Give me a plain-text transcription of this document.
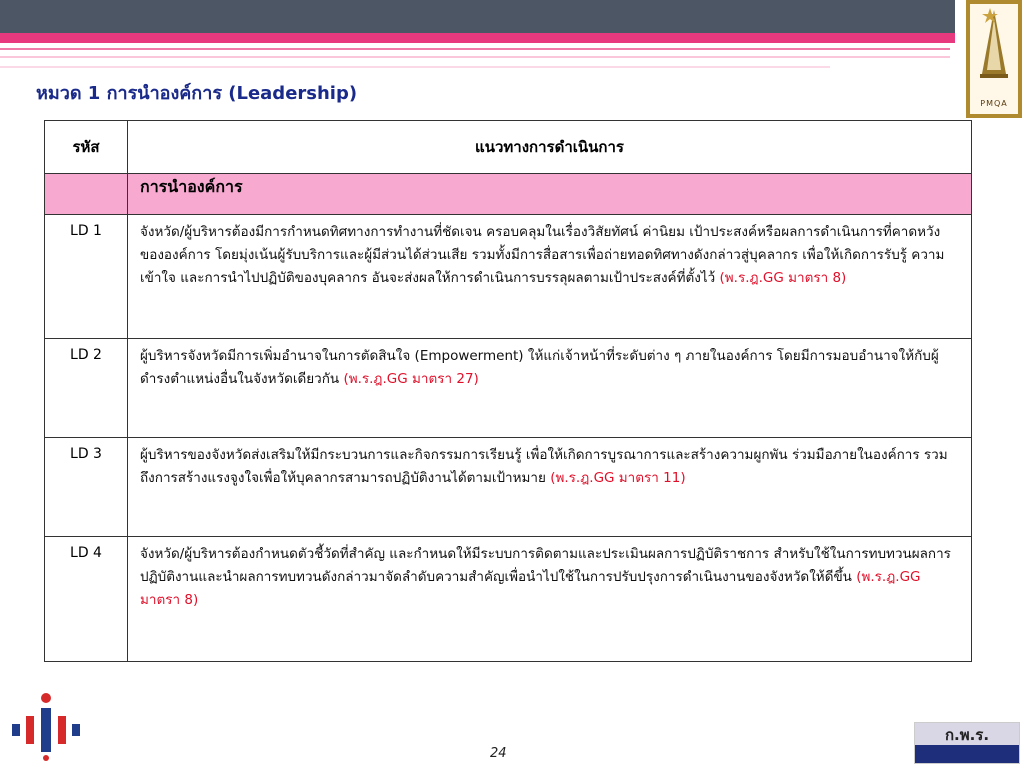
PMQA
หมวด 1 การนำองค์การ (Leadership)
รหัส	แนวทางการดำเนินการ
	การนำองค์การ
LD 1	จังหวัด/ผู้บริหารต้องมีการกำหนดทิศทางการทำงานที่ชัดเจน ครอบคลุมในเรื่องวิสัยทัศน์ ค่านิยม เป้าประสงค์หรือผลการดำเนินการที่คาดหวังขององค์การ โดยมุ่งเน้นผู้รับบริการและผู้มีส่วนได้ส่วนเสีย รวมทั้งมีการสื่อสารเพื่อถ่ายทอดทิศทางดังกล่าวสู่บุคลากร เพื่อให้เกิดการรับรู้ ความเข้าใจ และการนำไปปฏิบัติของบุคลากร อันจะส่งผลให้การดำเนินการบรรลุผลตามเป้าประสงค์ที่ตั้งไว้ (พ.ร.ฎ.GG มาตรา 8)
LD 2	ผู้บริหารจังหวัดมีการเพิ่มอำนาจในการตัดสินใจ (Empowerment) ให้แก่เจ้าหน้าที่ระดับต่าง ๆ ภายในองค์การ โดยมีการมอบอำนาจให้กับผู้ดำรงตำแหน่งอื่นในจังหวัดเดียวกัน (พ.ร.ฎ.GG มาตรา 27)
LD 3	ผู้บริหารของจังหวัดส่งเสริมให้มีกระบวนการและกิจกรรมการเรียนรู้ เพื่อให้เกิดการบูรณาการและสร้างความผูกพัน ร่วมมือภายในองค์การ รวมถึงการสร้างแรงจูงใจเพื่อให้บุคลากรสามารถปฏิบัติงานได้ตามเป้าหมาย (พ.ร.ฎ.GG มาตรา 11)
LD 4	จังหวัด/ผู้บริหารต้องกำหนดตัวชี้วัดที่สำคัญ และกำหนดให้มีระบบการติดตามและประเมินผลการปฏิบัติราชการ สำหรับใช้ในการทบทวนผลการปฏิบัติงานและนำผลการทบทวนดังกล่าวมาจัดลำดับความสำคัญเพื่อนำไปใช้ในการปรับปรุงการดำเนินงานของจังหวัดให้ดีขึ้น (พ.ร.ฎ.GG มาตรา 8)
24
ก.พ.ร.
